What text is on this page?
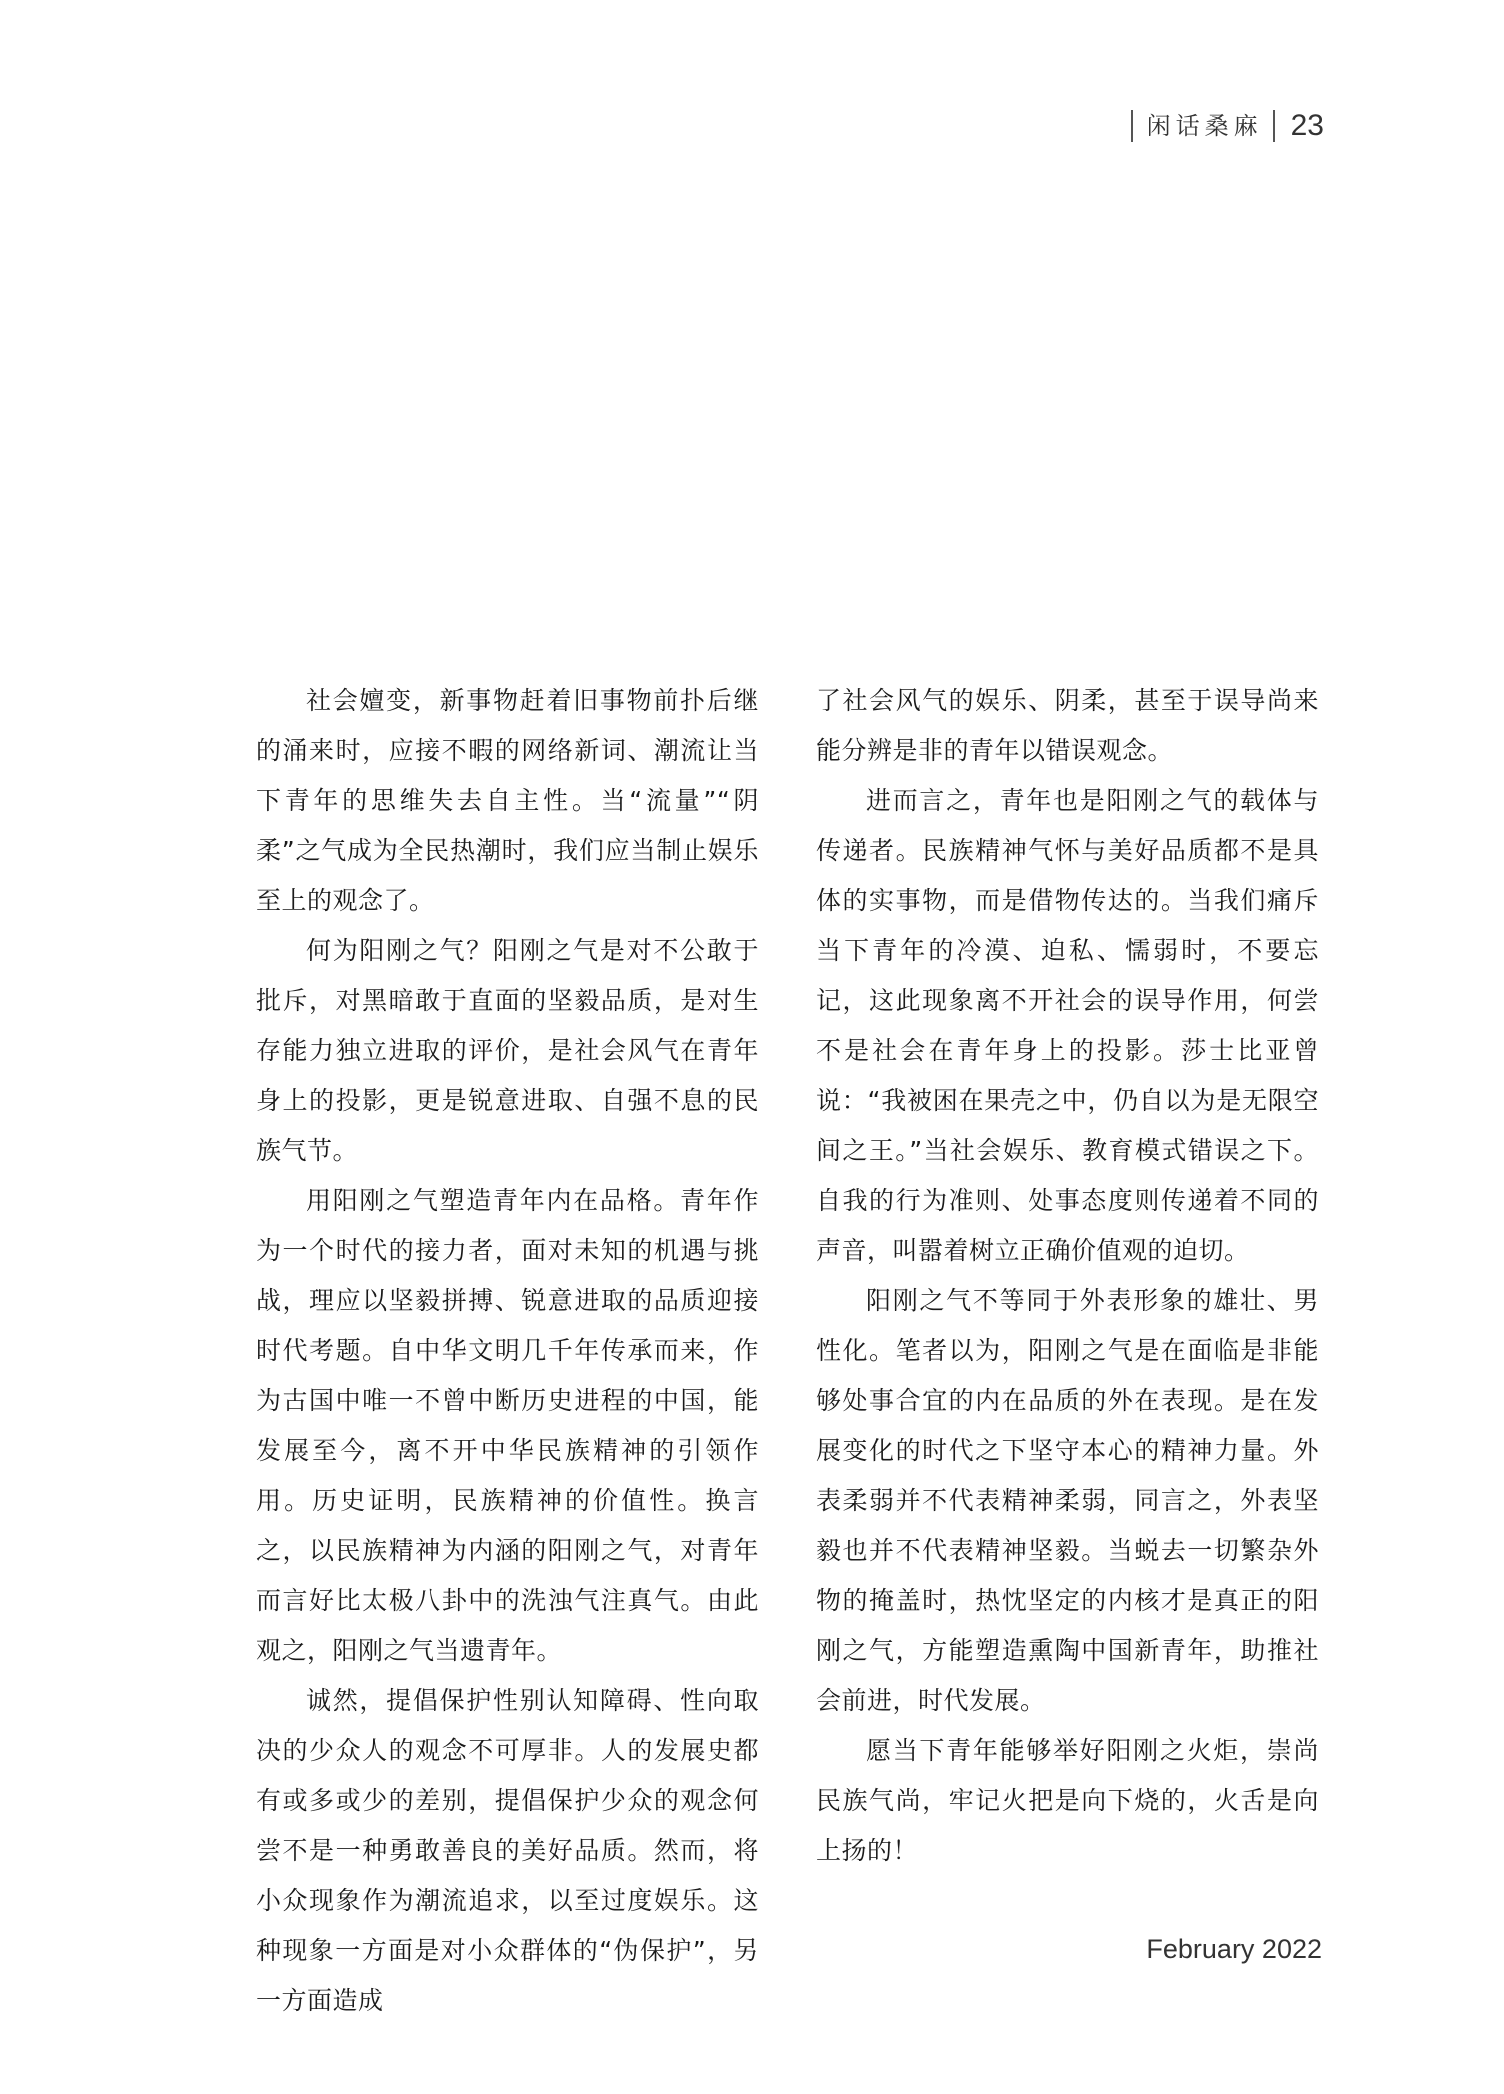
闲话桑麻 23

社会嬗变，新事物赶着旧事物前扑后继的涌来时，应接不暇的网络新词、潮流让当下青年的思维失去自主性。当“流量”“阴柔”之气成为全民热潮时，我们应当制止娱乐至上的观念了。

何为阳刚之气？阳刚之气是对不公敢于批斥，对黑暗敢于直面的坚毅品质，是对生存能力独立进取的评价，是社会风气在青年身上的投影，更是锐意进取、自强不息的民族气节。

用阳刚之气塑造青年内在品格。青年作为一个时代的接力者，面对未知的机遇与挑战，理应以坚毅拼搏、锐意进取的品质迎接时代考题。自中华文明几千年传承而来，作为古国中唯一不曾中断历史进程的中国，能发展至今，离不开中华民族精神的引领作用。历史证明，民族精神的价值性。换言之，以民族精神为内涵的阳刚之气，对青年而言好比太极八卦中的洗浊气注真气。由此观之，阳刚之气当遗青年。

诚然，提倡保护性别认知障碍、性向取决的少众人的观念不可厚非。人的发展史都有或多或少的差别，提倡保护少众的观念何尝不是一种勇敢善良的美好品质。然而，将小众现象作为潮流追求，以至过度娱乐。这种现象一方面是对小众群体的“伪保护”，另一方面造成

了社会风气的娱乐、阴柔，甚至于误导尚来能分辨是非的青年以错误观念。

进而言之，青年也是阳刚之气的载体与传递者。民族精神气怀与美好品质都不是具体的实事物，而是借物传达的。当我们痛斥当下青年的冷漠、迫私、懦弱时，不要忘记，这此现象离不开社会的误导作用，何尝不是社会在青年身上的投影。莎士比亚曾说：“我被困在果壳之中，仍自以为是无限空间之王。”当社会娱乐、教育模式错误之下。自我的行为准则、处事态度则传递着不同的声音，叫嚣着树立正确价值观的迫切。

阳刚之气不等同于外表形象的雄壮、男性化。笔者以为，阳刚之气是在面临是非能够处事合宜的内在品质的外在表现。是在发展变化的时代之下坚守本心的精神力量。外表柔弱并不代表精神柔弱，同言之，外表坚毅也并不代表精神坚毅。当蜕去一切繁杂外物的掩盖时，热忱坚定的内核才是真正的阳刚之气，方能塑造熏陶中国新青年，助推社会前进，时代发展。

愿当下青年能够举好阳刚之火炬，崇尚民族气尚，牢记火把是向下烧的，火舌是向上扬的！

February 2022
